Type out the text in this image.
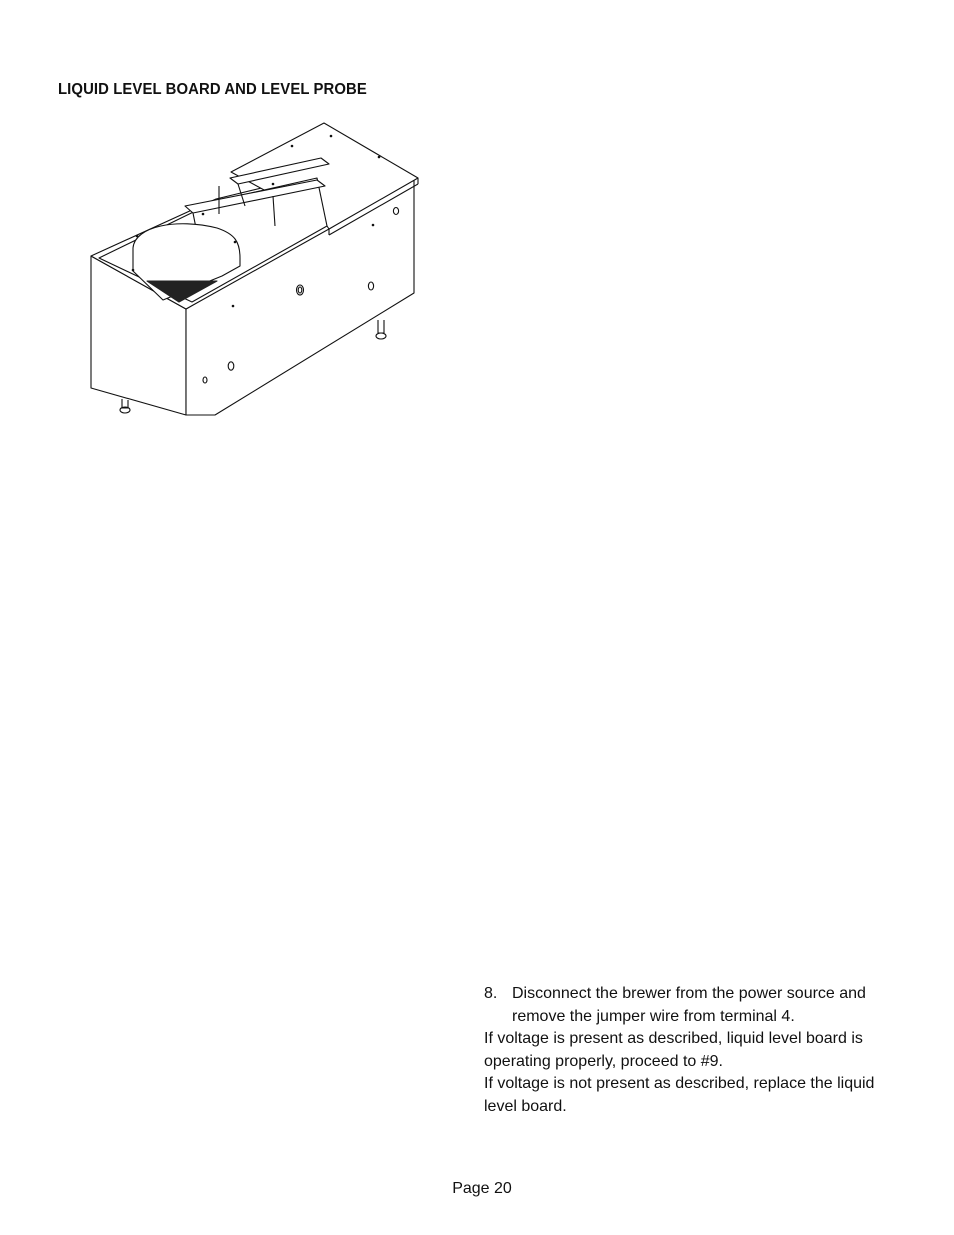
LIQUID LEVEL BOARD AND LEVEL PROBE
8. Disconnect the brewer from the power source and remove the jumper wire from terminal 4.

If voltage is present as described, liquid level board is operating properly, proceed to #9.

If voltage is not present as described, replace the liquid level board.

Page 20
